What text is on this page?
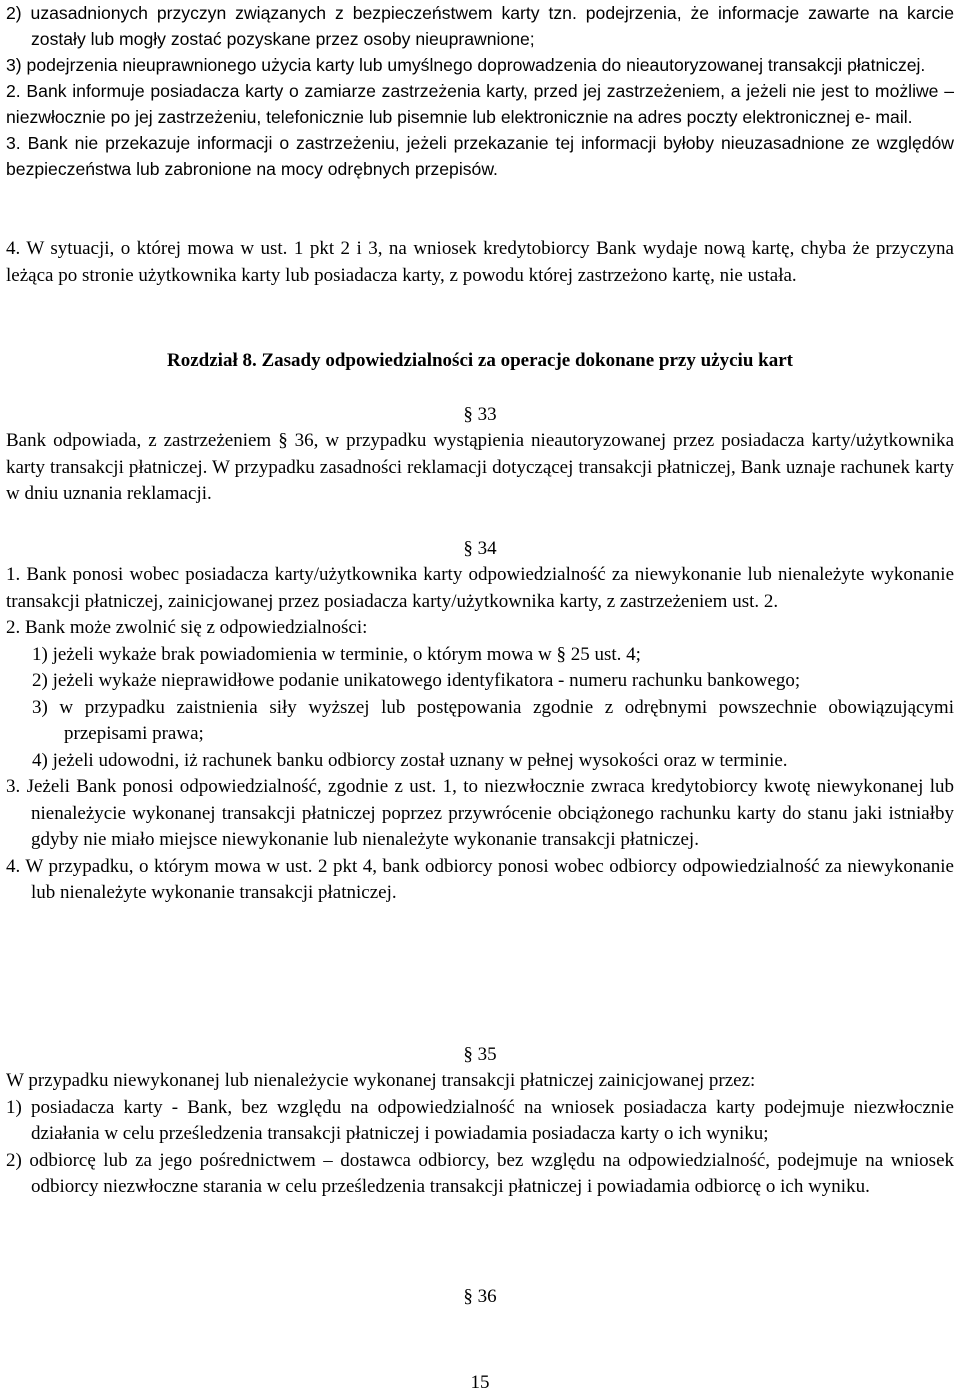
2) uzasadnionych przyczyn związanych z bezpieczeństwem karty tzn. podejrzenia, że informacje zawarte na karcie zostały lub mogły zostać pozyskane przez osoby nieuprawnione;

3) podejrzenia nieuprawnionego użycia karty lub umyślnego doprowadzenia do nieautoryzowanej transakcji płatniczej.

2. Bank informuje posiadacza karty o zamiarze zastrzeżenia karty, przed jej zastrzeżeniem, a jeżeli nie jest to możliwe – niezwłocznie po jej zastrzeżeniu, telefonicznie lub pisemnie lub elektronicznie na adres poczty elektronicznej e- mail.

3. Bank nie przekazuje informacji o zastrzeżeniu, jeżeli przekazanie tej informacji byłoby nieuzasadnione ze względów bezpieczeństwa lub zabronione na mocy odrębnych przepisów.

4. W sytuacji, o której mowa w ust. 1 pkt 2 i 3, na wniosek kredytobiorcy Bank wydaje nową kartę, chyba że przyczyna leżąca po stronie użytkownika karty lub posiadacza karty, z powodu której zastrzeżono kartę, nie ustała.

Rozdział 8. Zasady odpowiedzialności za operacje dokonane przy użyciu kart
§ 33

Bank odpowiada, z zastrzeżeniem § 36, w przypadku wystąpienia nieautoryzowanej przez posiadacza karty/użytkownika karty transakcji płatniczej. W przypadku zasadności reklamacji dotyczącej transakcji płatniczej, Bank uznaje rachunek karty w dniu uznania reklamacji.

§ 34

1. Bank ponosi wobec posiadacza karty/użytkownika karty odpowiedzialność za niewykonanie lub nienależyte wykonanie transakcji płatniczej, zainicjowanej przez posiadacza karty/użytkownika karty, z zastrzeżeniem ust. 2.

2. Bank może zwolnić się z odpowiedzialności:

1) jeżeli wykaże brak powiadomienia w terminie, o którym mowa w § 25 ust. 4;

2) jeżeli wykaże nieprawidłowe podanie unikatowego identyfikatora - numeru rachunku bankowego;

3) w przypadku zaistnienia siły wyższej lub postępowania zgodnie z odrębnymi powszechnie obowiązującymi przepisami prawa;

4) jeżeli udowodni, iż rachunek banku odbiorcy został uznany w pełnej wysokości oraz w terminie.

3. Jeżeli Bank ponosi odpowiedzialność, zgodnie z ust. 1, to niezwłocznie zwraca kredytobiorcy kwotę niewykonanej lub nienależycie wykonanej transakcji płatniczej poprzez przywrócenie obciążonego rachunku karty do stanu jaki istniałby gdyby nie miało miejsce niewykonanie lub nienależyte wykonanie transakcji płatniczej.

4. W przypadku, o którym mowa w ust. 2 pkt 4, bank odbiorcy ponosi wobec odbiorcy odpowiedzialność za niewykonanie lub nienależyte wykonanie transakcji płatniczej.

§ 35

W przypadku niewykonanej lub nienależycie wykonanej transakcji płatniczej zainicjowanej przez:

1) posiadacza karty - Bank, bez względu na odpowiedzialność na wniosek posiadacza karty podejmuje niezwłocznie działania w celu prześledzenia transakcji płatniczej i powiadamia posiadacza karty o ich wyniku;

2) odbiorcę lub za jego pośrednictwem – dostawca odbiorcy, bez względu na odpowiedzialność, podejmuje na wniosek odbiorcy niezwłoczne starania w celu prześledzenia transakcji płatniczej i powiadamia odbiorcę o ich wyniku.

§ 36
15
